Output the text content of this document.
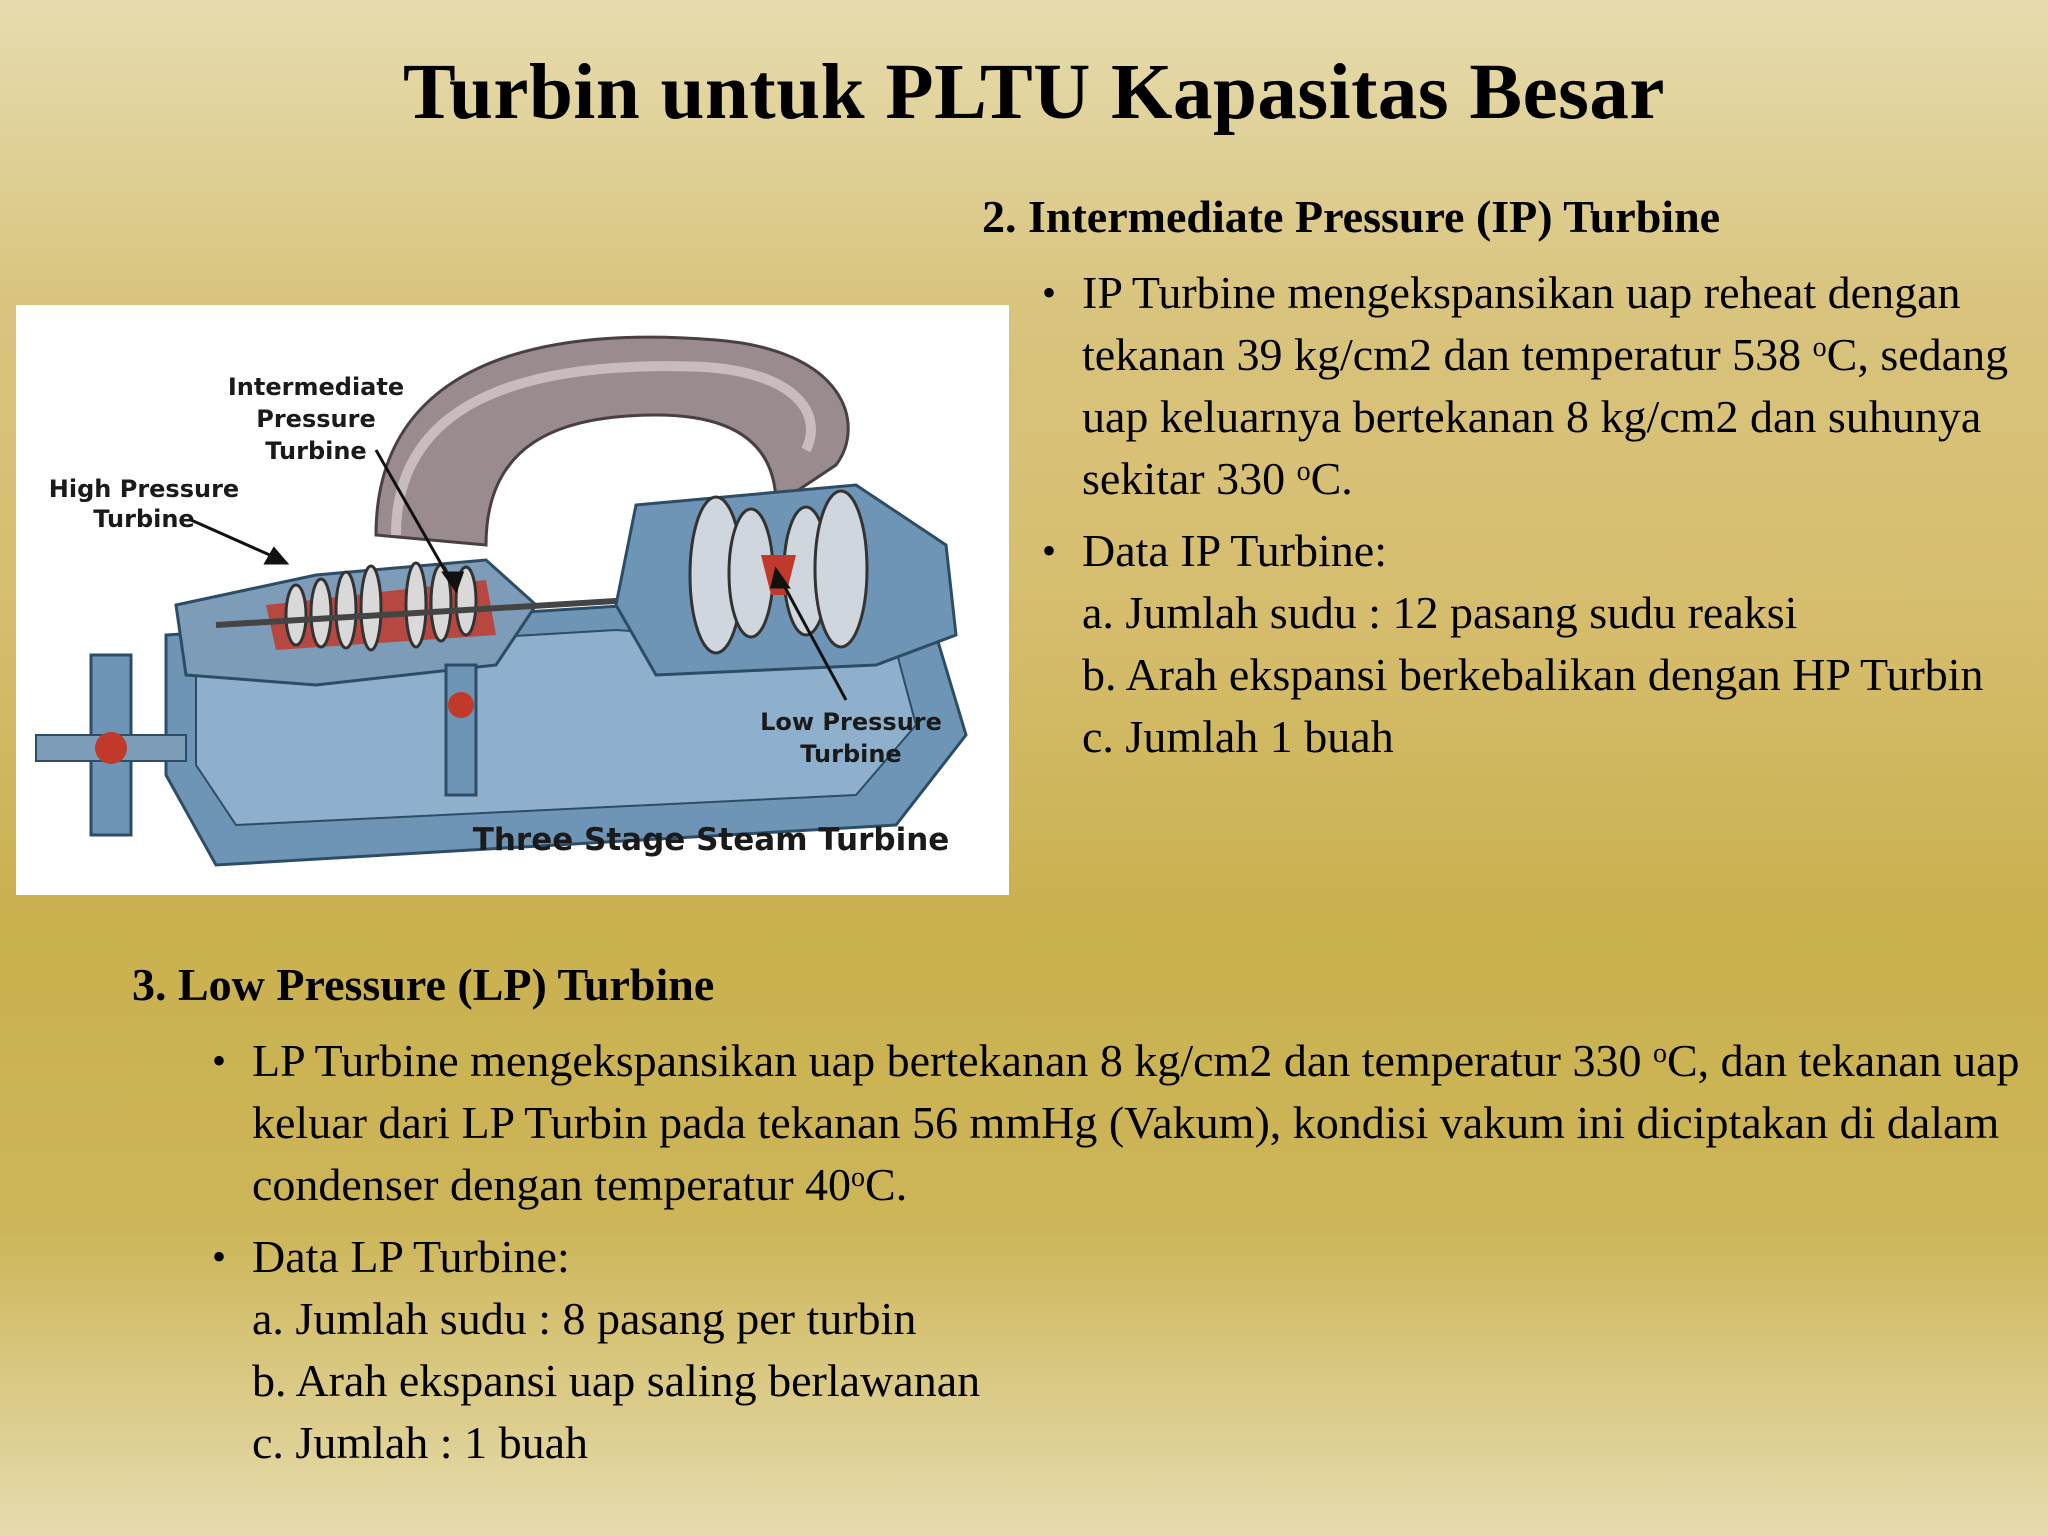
Turbin untuk PLTU Kapasitas Besar
Intermediate
Pressure
Turbine
High Pressure
Turbine
Low Pressure
Turbine
Three Stage Steam Turbine
2. Intermediate Pressure (IP) Turbine
• IP Turbine mengekspansikan uap reheat dengan tekanan 39 kg/cm2 dan temperatur 538 $^o$C, sedang uap keluarnya bertekanan 8 kg/cm2 dan suhunya sekitar 330 $^o$C.
• Data IP Turbine:
a. Jumlah sudu : 12 pasang sudu reaksi
b. Arah ekspansi berkebalikan dengan HP Turbin
c. Jumlah 1 buah
3. Low Pressure (LP) Turbine
• LP Turbine mengekspansikan uap bertekanan 8 kg/cm2 dan temperatur 330 $^o$C, dan tekanan uap keluar dari LP Turbin pada tekanan 56 mmHg (Vakum), kondisi vakum ini diciptakan di dalam condenser dengan temperatur 40$^o$C.
• Data LP Turbine:
a. Jumlah sudu : 8 pasang per turbin
b. Arah ekspansi uap saling berlawanan
c. Jumlah : 1 buah
